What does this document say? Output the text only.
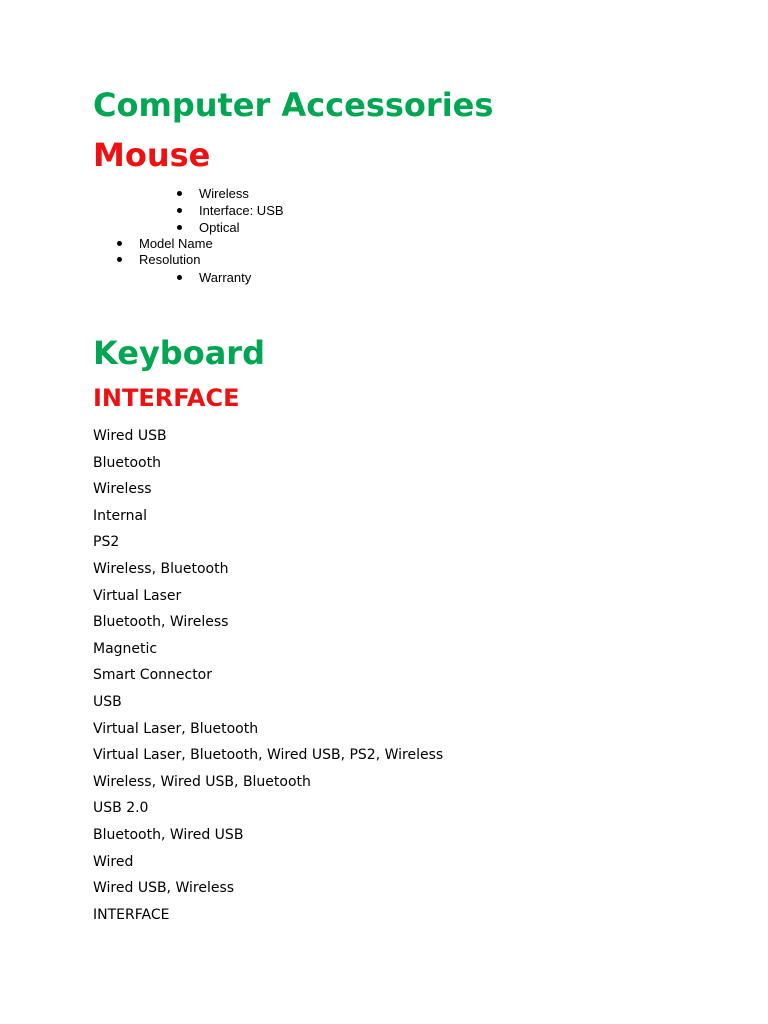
Computer Accessories
Mouse
Wireless
Interface: USB
Optical
Model Name
Resolution
Warranty
Keyboard
INTERFACE
Wired USB
Bluetooth
Wireless
Internal
PS2
Wireless, Bluetooth
Virtual Laser
Bluetooth, Wireless
Magnetic
Smart Connector
USB
Virtual Laser, Bluetooth
Virtual Laser, Bluetooth, Wired USB, PS2, Wireless
Wireless, Wired USB, Bluetooth
USB 2.0
Bluetooth, Wired USB
Wired
Wired USB, Wireless
INTERFACE
